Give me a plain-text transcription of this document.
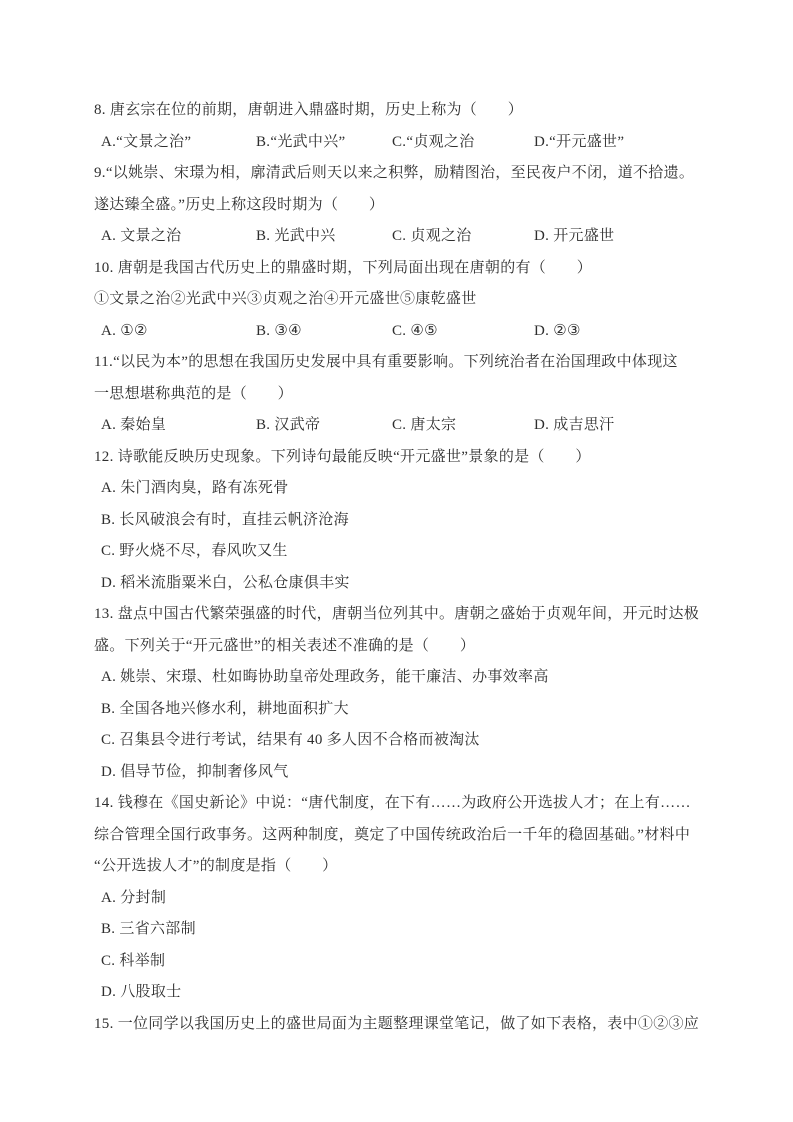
8. 唐玄宗在位的前期，唐朝进入鼎盛时期，历史上称为（　　）
A.“文景之治”	B.“光武中兴”	C.“贞观之治	D.“开元盛世”
9.“以姚崇、宋璟为相，廓清武后则天以来之积弊，励精图治，至民夜户不闭，道不拾遗。
遂达臻全盛。”历史上称这段时期为（　　）
A. 文景之治	B. 光武中兴	C. 贞观之治	D. 开元盛世
10. 唐朝是我国古代历史上的鼎盛时期，下列局面出现在唐朝的有（　　）
①文景之治②光武中兴③贞观之治④开元盛世⑤康乾盛世
A. ①②	B. ③④	C. ④⑤	D. ②③
11.“以民为本”的思想在我国历史发展中具有重要影响。下列统治者在治国理政中体现这
一思想堪称典范的是（　　）
A. 秦始皇	B. 汉武帝	C. 唐太宗	D. 成吉思汗
12. 诗歌能反映历史现象。下列诗句最能反映“开元盛世”景象的是（　　）
A. 朱门酒肉臭，路有冻死骨
B. 长风破浪会有时，直挂云帆济沧海
C. 野火烧不尽，春风吹又生
D. 稻米流脂粟米白，公私仓康俱丰实
13. 盘点中国古代繁荣强盛的时代，唐朝当位列其中。唐朝之盛始于贞观年间，开元时达极
盛。下列关于“开元盛世”的相关表述不准确的是（　　）
A. 姚崇、宋璟、杜如晦协助皇帝处理政务，能干廉洁、办事效率高
B. 全国各地兴修水利，耕地面积扩大
C. 召集县令进行考试，结果有 40 多人因不合格而被淘汰
D. 倡导节俭，抑制奢侈风气
14. 钱穆在《国史新论》中说：“唐代制度，在下有……为政府公开选拔人才；在上有……
综合管理全国行政事务。这两种制度，奠定了中国传统政治后一千年的稳固基础。”材料中
“公开选拔人才”的制度是指（　　）
A. 分封制
B. 三省六部制
C. 科举制
D. 八股取士
15. 一位同学以我国历史上的盛世局面为主题整理课堂笔记，做了如下表格，表中①②③应
